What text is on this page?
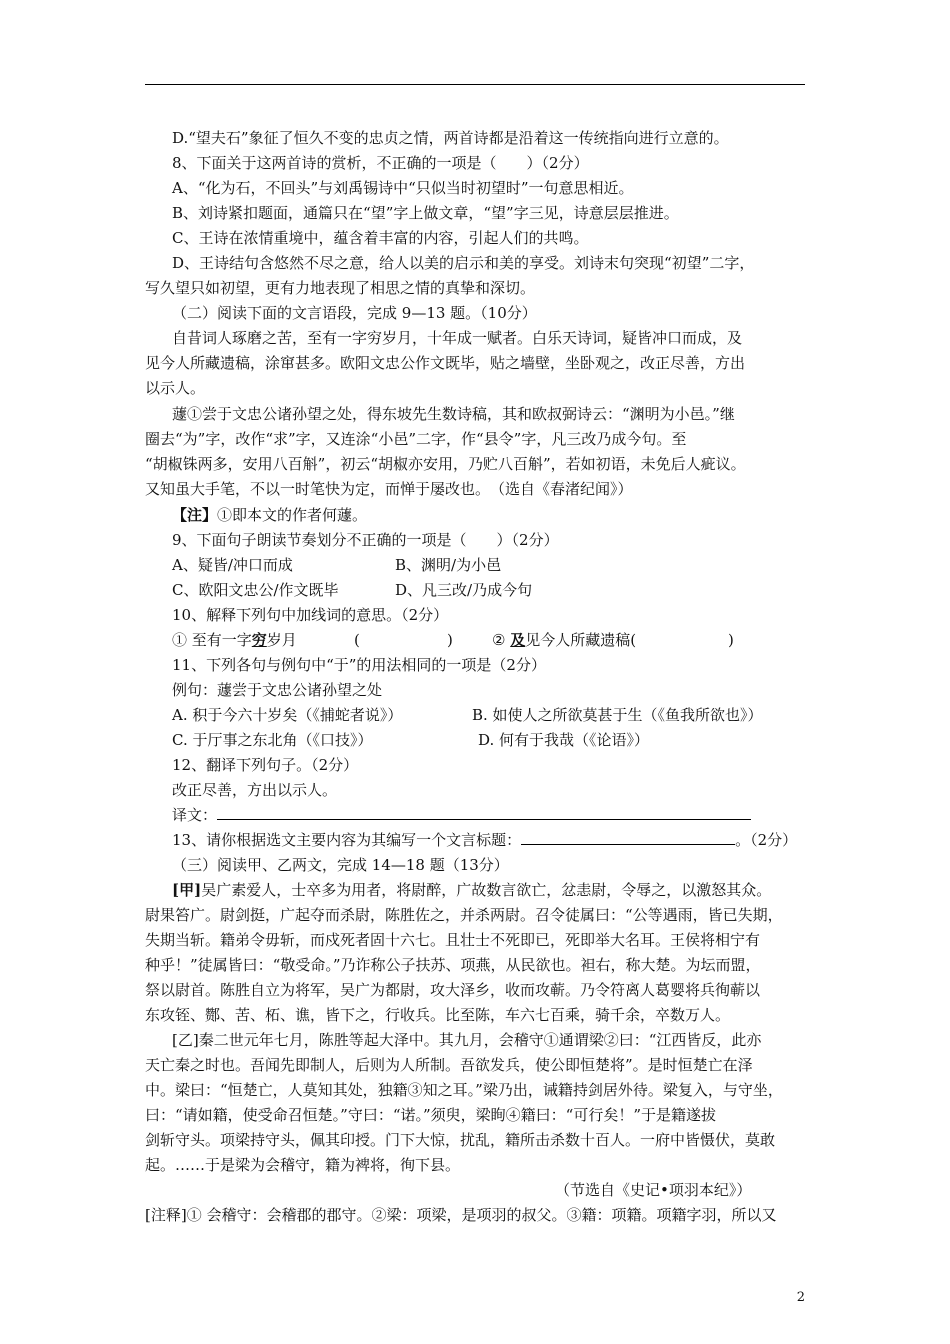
D.“望夫石”象征了恒久不变的忠贞之情，两首诗都是沿着这一传统指向进行立意的。
8、下面关于这两首诗的赏析，不正确的一项是（　　）（2分）
A、“化为石，不回头”与刘禹锡诗中“只似当时初望时”一句意思相近。
B、刘诗紧扣题面，通篇只在“望”字上做文章，“望”字三见，诗意层层推进。
C、王诗在浓情重境中，蕴含着丰富的内容，引起人们的共鸣。
D、王诗结句含悠然不尽之意，给人以美的启示和美的享受。刘诗末句突现“初望”二字，
写久望只如初望，更有力地表现了相思之情的真挚和深切。
（二）阅读下面的文言语段，完成 9—13 题。（10分）
自昔词人琢磨之苦，至有一字穷岁月，十年成一赋者。白乐天诗词，疑皆冲口而成，及
见今人所藏遗稿，涂窜甚多。欧阳文忠公作文既毕，贴之墙壁，坐卧观之，改正尽善，方出
以示人。
蘧①尝于文忠公诸孙望之处，得东坡先生数诗稿，其和欧叔弼诗云：“渊明为小邑。”继
圈去“为”字，改作“求”字，又连涂“小邑”二字，作“县令”字，凡三改乃成今句。至
“胡椒铢两多，安用八百斛”，初云“胡椒亦安用，乃贮八百斛”，若如初语，未免后人疵议。
又知虽大手笔，不以一时笔快为定，而惮于屡改也。　（选自《春渚纪闻》）
【注】①即本文的作者何蘧。
9、下面句子朗读节奏划分不正确的一项是（　　）（2分）
A、疑皆/冲口而成	B、渊明/为小邑
C、欧阳文忠公/作文既毕	D、凡三改/乃成今句
10、解释下列句中加线词的意思。（2分）
① 至有一字穷岁月	(	)	② 及见今人所藏遗稿(	)
11、下列各句与例句中“于”的用法相同的一项是（2分）
例句：蘧尝于文忠公诸孙望之处
A. 积于今六十岁矣（《捕蛇者说》）	B. 如使人之所欲莫甚于生（《鱼我所欲也》）
C. 于厅事之东北角（《口技》）	D. 何有于我哉（《论语》）
12、翻译下列句子。（2分）
改正尽善，方出以示人。
译文：
13、请你根据选文主要内容为其编写一个文言标题：	。（2分）
（三）阅读甲、乙两文，完成 14—18 题（13分）
[甲]吴广素爱人，士卒多为用者，将尉醉，广故数言欲亡，忿恚尉，令辱之，以激怒其众。
尉果笞广。尉剑挺，广起夺而杀尉，陈胜佐之，并杀两尉。召令徒属曰：“公等遇雨，皆已失期，
失期当斩。籍弟令毋斩，而戍死者固十六七。且壮士不死即已，死即举大名耳。王侯将相宁有
种乎！”徒属皆曰：“敬受命。”乃诈称公子扶苏、项燕，从民欲也。袒右，称大楚。为坛而盟，
祭以尉首。陈胜自立为将军，吴广为都尉，攻大泽乡，收而攻蕲。乃令符离人葛婴将兵徇蕲以
东攻铚、酂、苦、柘、谯，皆下之，行收兵。比至陈，车六七百乘，骑千余，卒数万人。
[乙]秦二世元年七月，陈胜等起大泽中。其九月，会稽守①通谓梁②曰：“江西皆反，此亦
天亡秦之时也。吾闻先即制人，后则为人所制。吾欲发兵，使公即恒楚将”。是时恒楚亡在泽
中。梁曰：“恒楚亡，人莫知其处，独籍③知之耳。”梁乃出，诫籍持剑居外待。梁复入，与守坐，
曰：“请如籍，使受命召恒楚。”守曰：“诺。”须臾，梁眴④籍曰：“可行矣！”于是籍遂拔
剑斩守头。项梁持守头，佩其印授。门下大惊，扰乱，籍所击杀数十百人。一府中皆慑伏，莫敢
起。……于是梁为会稽守，籍为裨将，徇下县。
（节选自《史记•项羽本纪》）
[注释]① 会稽守：会稽郡的郡守。②梁：项梁，是项羽的叔父。③籍：项籍。项籍字羽，所以又
2
